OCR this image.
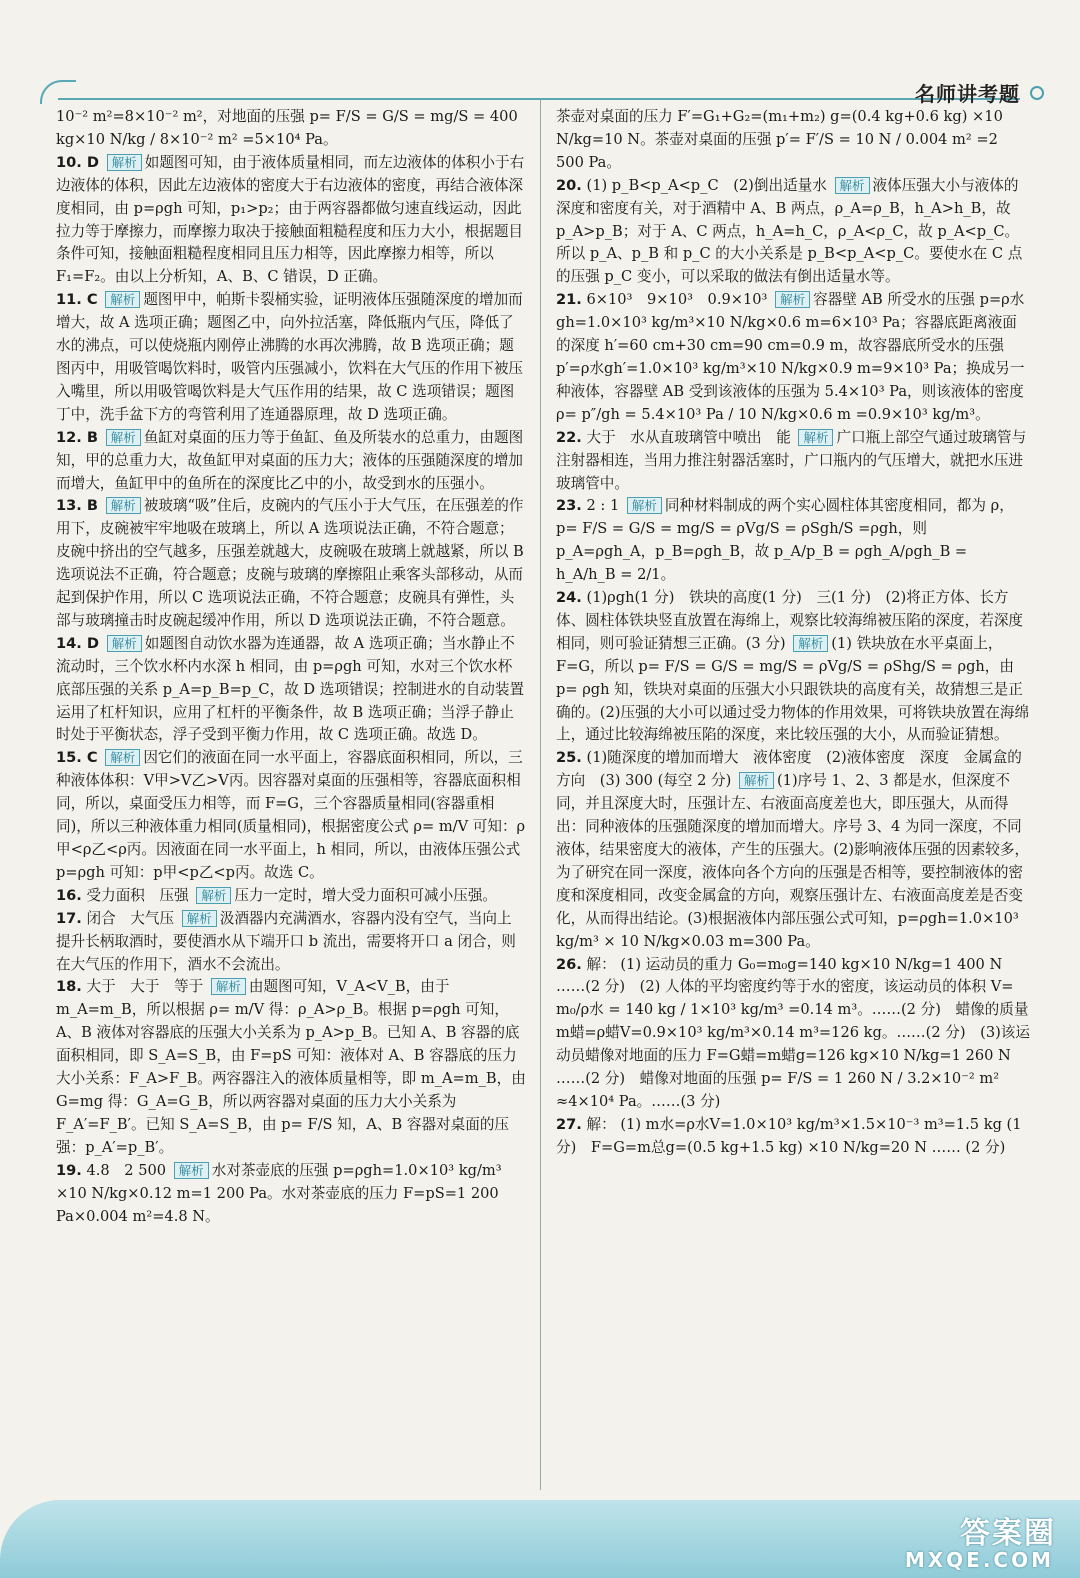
名师讲考题

10⁻² m²=8×10⁻² m²，对地面的压强 p= F/S = G/S = mg/S = 400 kg×10 N/kg / 8×10⁻² m² =5×10⁴ Pa。

10. D 解析 如题图可知，由于液体质量相同，而左边液体的体积小于右边液体的体积，因此左边液体的密度大于右边液体的密度，再结合液体深度相同，由 p=ρgh 可知，p₁>p₂；由于两容器都做匀速直线运动，因此拉力等于摩擦力，而摩擦力取决于接触面粗糙程度和压力大小，根据题目条件可知，接触面粗糙程度相同且压力相等，因此摩擦力相等，所以 F₁=F₂。由以上分析知，A、B、C 错误，D 正确。

11. C 解析 题图甲中，帕斯卡裂桶实验，证明液体压强随深度的增加而增大，故 A 选项正确；题图乙中，向外拉活塞，降低瓶内气压，降低了水的沸点，可以使烧瓶内刚停止沸腾的水再次沸腾，故 B 选项正确；题图丙中，用吸管喝饮料时，吸管内压强减小，饮料在大气压的作用下被压入嘴里，所以用吸管喝饮料是大气压作用的结果，故 C 选项错误；题图丁中，洗手盆下方的弯管利用了连通器原理，故 D 选项正确。

12. B 解析 鱼缸对桌面的压力等于鱼缸、鱼及所装水的总重力，由题图知，甲的总重力大，故鱼缸甲对桌面的压力大；液体的压强随深度的增加而增大，鱼缸甲中的鱼所在的深度比乙中的小，故受到水的压强小。

13. B 解析 被玻璃“吸”住后，皮碗内的气压小于大气压，在压强差的作用下，皮碗被牢牢地吸在玻璃上，所以 A 选项说法正确，不符合题意；皮碗中挤出的空气越多，压强差就越大，皮碗吸在玻璃上就越紧，所以 B 选项说法不正确，符合题意；皮碗与玻璃的摩擦阻止乘客头部移动，从而起到保护作用，所以 C 选项说法正确，不符合题意；皮碗具有弹性，头部与玻璃撞击时皮碗起缓冲作用，所以 D 选项说法正确，不符合题意。

14. D 解析 如题图自动饮水器为连通器，故 A 选项正确；当水静止不流动时，三个饮水杯内水深 h 相同，由 p=ρgh 可知，水对三个饮水杯底部压强的关系 p_A=p_B=p_C，故 D 选项错误；控制进水的自动装置运用了杠杆知识，应用了杠杆的平衡条件，故 B 选项正确；当浮子静止时处于平衡状态，浮子受到平衡力作用，故 C 选项正确。故选 D。

15. C 解析 因它们的液面在同一水平面上，容器底面积相同，所以，三种液体体积：V甲>V乙>V丙。因容器对桌面的压强相等，容器底面积相同，所以，桌面受压力相等，而 F=G，三个容器质量相同(容器重相同)，所以三种液体重力相同(质量相同)，根据密度公式 ρ= m/V 可知：ρ甲<ρ乙<ρ丙。因液面在同一水平面上，h 相同，所以，由液体压强公式 p=ρgh 可知：p甲<p乙<p丙。故选 C。

16. 受力面积　压强 解析 压力一定时，增大受力面积可减小压强。

17. 闭合　大气压 解析 汲酒器内充满酒水，容器内没有空气，当向上提升长柄取酒时，要使酒水从下端开口 b 流出，需要将开口 a 闭合，则在大气压的作用下，酒水不会流出。

18. 大于　大于　等于 解析 由题图可知，V_A<V_B，由于 m_A=m_B，所以根据 ρ= m/V 得：ρ_A>ρ_B。根据 p=ρgh 可知，A、B 液体对容器底的压强大小关系为 p_A>p_B。已知 A、B 容器的底面积相同，即 S_A=S_B，由 F=pS 可知：液体对 A、B 容器底的压力大小关系：F_A>F_B。两容器注入的液体质量相等，即 m_A=m_B，由 G=mg 得：G_A=G_B，所以两容器对桌面的压力大小关系为 F_A′=F_B′。已知 S_A=S_B，由 p= F/S 知，A、B 容器对桌面的压强：p_A′=p_B′。

19. 4.8　2 500 解析 水对茶壶底的压强 p=ρgh=1.0×10³ kg/m³ ×10 N/kg×0.12 m=1 200 Pa。水对茶壶底的压力 F=pS=1 200 Pa×0.004 m²=4.8 N。

茶壶对桌面的压力 F′=G₁+G₂=(m₁+m₂) g=(0.4 kg+0.6 kg) ×10 N/kg=10 N。茶壶对桌面的压强 p′= F′/S = 10 N / 0.004 m² =2 500 Pa。

20. (1) p_B<p_A<p_C　(2)倒出适量水 解析 液体压强大小与液体的深度和密度有关，对于酒精中 A、B 两点，ρ_A=ρ_B，h_A>h_B，故 p_A>p_B；对于 A、C 两点，h_A=h_C，ρ_A<ρ_C，故 p_A<p_C。所以 p_A、p_B 和 p_C 的大小关系是 p_B<p_A<p_C。要使水在 C 点的压强 p_C 变小，可以采取的做法有倒出适量水等。

21. 6×10³　9×10³　0.9×10³ 解析 容器壁 AB 所受水的压强 p=ρ水gh=1.0×10³ kg/m³×10 N/kg×0.6 m=6×10³ Pa；容器底距离液面的深度 h′=60 cm+30 cm=90 cm=0.9 m，故容器底所受水的压强 p′=ρ水gh′=1.0×10³ kg/m³×10 N/kg×0.9 m=9×10³ Pa；换成另一种液体，容器壁 AB 受到该液体的压强为 5.4×10³ Pa，则该液体的密度 ρ= p″/gh = 5.4×10³ Pa / 10 N/kg×0.6 m =0.9×10³ kg/m³。

22. 大于　水从直玻璃管中喷出　能 解析 广口瓶上部空气通过玻璃管与注射器相连，当用力推注射器活塞时，广口瓶内的气压增大，就把水压进玻璃管中。

23. 2 : 1 解析 同种材料制成的两个实心圆柱体其密度相同，都为 ρ，p= F/S = G/S = mg/S = ρVg/S = ρSgh/S =ρgh，则 p_A=ρgh_A，p_B=ρgh_B，故 p_A/p_B = ρgh_A/ρgh_B = h_A/h_B = 2/1。

24. (1)ρgh(1 分)　铁块的高度(1 分)　三(1 分)　(2)将正方体、长方体、圆柱体铁块竖直放置在海绵上，观察比较海绵被压陷的深度，若深度相同，则可验证猜想三正确。(3 分) 解析 (1) 铁块放在水平桌面上，F=G，所以 p= F/S = G/S = mg/S = ρVg/S = ρShg/S = ρgh，由 p= ρgh 知，铁块对桌面的压强大小只跟铁块的高度有关，故猜想三是正确的。(2)压强的大小可以通过受力物体的作用效果，可将铁块放置在海绵上，通过比较海绵被压陷的深度，来比较压强的大小，从而验证猜想。

25. (1)随深度的增加而增大　液体密度　(2)液体密度　深度　金属盒的方向　(3) 300 (每空 2 分) 解析 (1)序号 1、2、3 都是水，但深度不同，并且深度大时，压强计左、右液面高度差也大，即压强大，从而得出：同种液体的压强随深度的增加而增大。序号 3、4 为同一深度，不同液体，结果密度大的液体，产生的压强大。(2)影响液体压强的因素较多，为了研究在同一深度，液体向各个方向的压强是否相等，要控制液体的密度和深度相同，改变金属盒的方向，观察压强计左、右液面高度差是否变化，从而得出结论。(3)根据液体内部压强公式可知，p=ρgh=1.0×10³ kg/m³ × 10 N/kg×0.03 m=300 Pa。

26. 解： (1) 运动员的重力 G₀=m₀g=140 kg×10 N/kg=1 400 N ……(2 分)　(2) 人体的平均密度约等于水的密度，该运动员的体积 V= m₀/ρ水 = 140 kg / 1×10³ kg/m³ =0.14 m³。……(2 分)　蜡像的质量 m蜡=ρ蜡V=0.9×10³ kg/m³×0.14 m³=126 kg。……(2 分)　(3)该运动员蜡像对地面的压力 F=G蜡=m蜡g=126 kg×10 N/kg=1 260 N ……(2 分)　蜡像对地面的压强 p= F/S = 1 260 N / 3.2×10⁻² m² ≈4×10⁴ Pa。……(3 分)

27. 解： (1) m水=ρ水V=1.0×10³ kg/m³×1.5×10⁻³ m³=1.5 kg (1 分)　F=G=m总g=(0.5 kg+1.5 kg) ×10 N/kg=20 N …… (2 分)

答案圈
MXQE.COM
